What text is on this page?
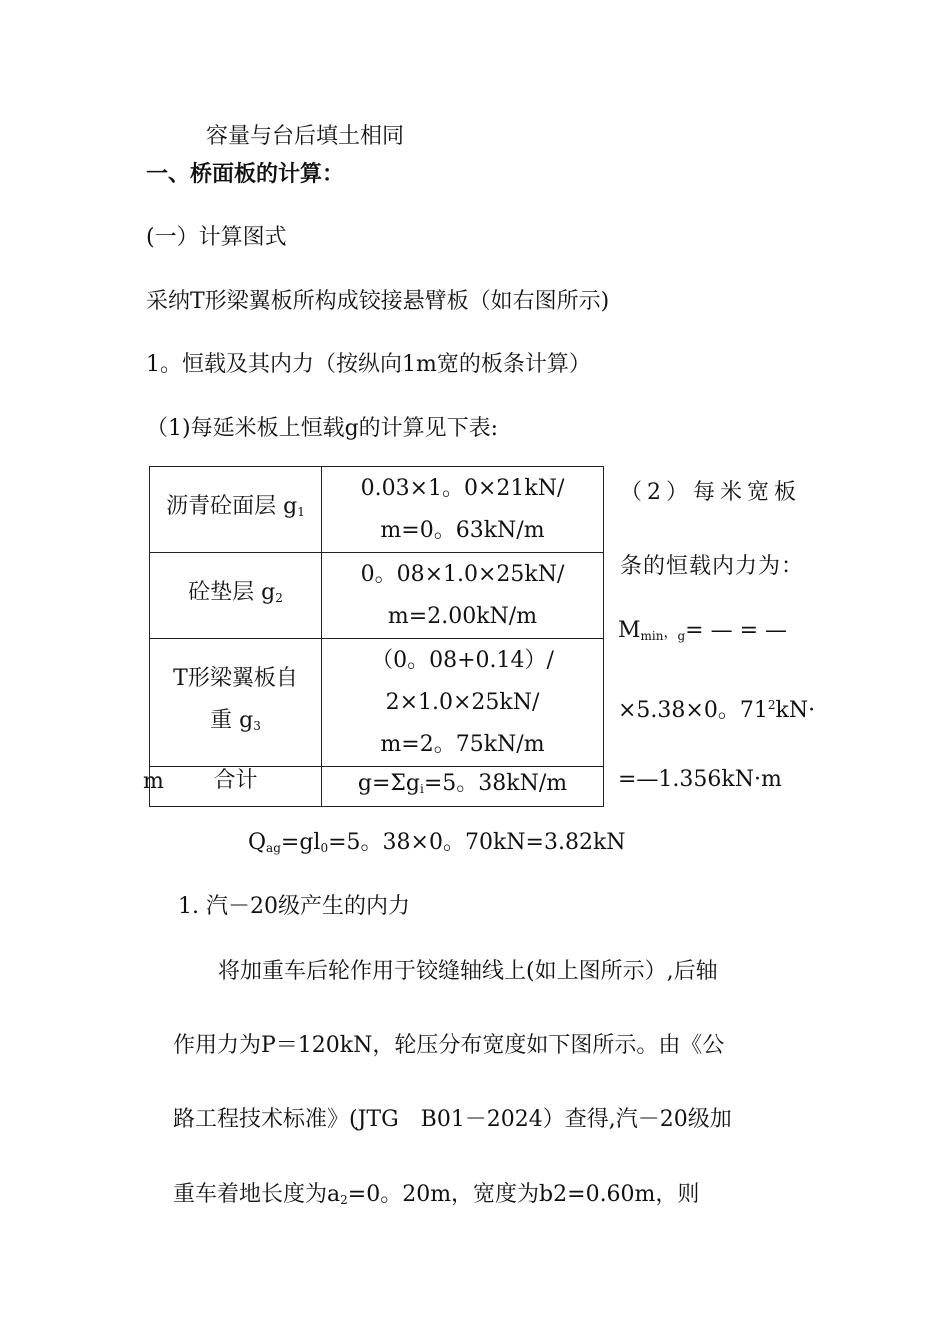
容量与台后填土相同
一、桥面板的计算：
(一）计算图式
采纳T形梁翼板所构成铰接悬臂板（如右图所示)
1。恒载及其内力（按纵向1m宽的板条计算）
（1)每延米板上恒载g的计算见下表:
沥青砼面层 $g_1$	0.03×1。0×21kN/
m=0。63kN/m

砼垫层 $g_2$	0。08×1.0×25kN/
m=2.00kN/m

T形梁翼板自
重 $g_3$	（0。08+0.14）/
2×1.0×25kN/
m=2。75kN/m

合计	$g=\Sigma g_i=5$。38kN/m
m
（2）每米宽板
条的恒载内力为：
$M_{min}$，$_g$= — = —
×5.38×0。$71^2kN\cdot$
=—1.356kN·m
$Q_{ag}=gl_0=5$。38×0。70kN=3.82kN
1. 汽－20级产生的内力
将加重车后轮作用于铰缝轴线上(如上图所示）,后轴
作用力为P＝120kN，轮压分布宽度如下图所示。由《公
路工程技术标准》(JTG　B01－2024）查得,汽－20级加
重车着地长度为$a_2=0$。20m，宽度为b2=0.60m，则
